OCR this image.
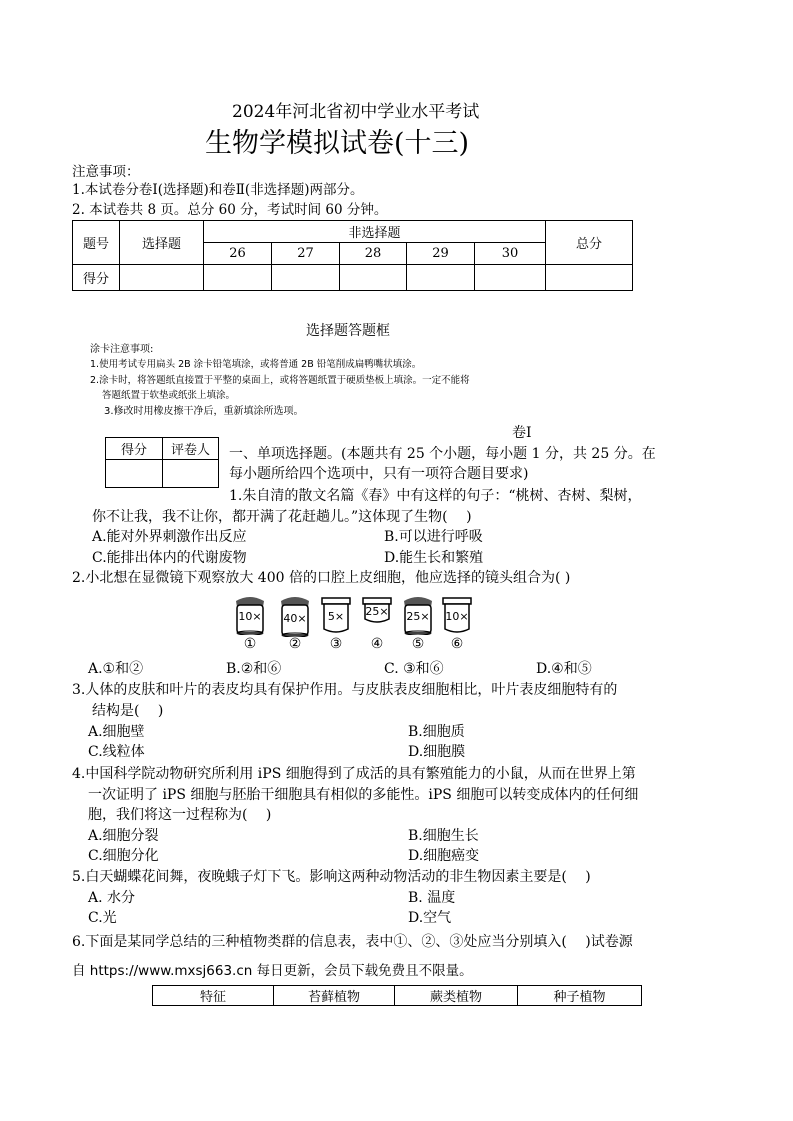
2024年河北省初中学业水平考试
生物学模拟试卷(十三)
注意事项：
1.本试卷分卷Ⅰ(选择题)和卷Ⅱ(非选择题)两部分。
2. 本试卷共 8 页。总分 60 分，考试时间 60 分钟。
题号	选择题	非选择题					总分
		26	27	28	29	30	
得分							
选择题答题框
涂卡注意事项:
1.使用考试专用扁头 2B 涂卡铅笔填涂，或将普通 2B 铅笔削成扁鸭嘴状填涂。
2.涂卡时，将答题纸直接置于平整的桌面上，或将答题纸置于硬质垫板上填涂。一定不能将
答题纸置于软垫或纸张上填涂。
3.修改时用橡皮擦干净后，重新填涂所选项。
卷Ⅰ
得分	评卷人
	一、单项选择题。(本题共有 25 个小题，每小题 1 分，共 25 分。在
每小题所给四个选项中，只有一项符合题目要求)
1.朱自清的散文名篇《春》中有这样的句子：“桃树、杏树、梨树，
你不让我，我不让你，都开满了花赶趟儿。”这体现了生物(　 )
A.能对外界刺激作出反应	B.可以进行呼吸
C.能排出体内的代谢废物	D.能生长和繁殖
2.小北想在显微镜下观察放大 400 倍的口腔上皮细胞，他应选择的镜头组合为( )
10×	40×	5×	25×	25×	10×
① ② ③ ④ ⑤ ⑥
A.①和②	B.②和⑥	C. ③和⑥	D.④和⑤
3.人体的皮肤和叶片的表皮均具有保护作用。与皮肤表皮细胞相比，叶片表皮细胞特有的
结构是(　 )
A.细胞壁	B.细胞质
C.线粒体	D.细胞膜
4.中国科学院动物研究所利用 iPS 细胞得到了成活的具有繁殖能力的小鼠，从而在世界上第
一次证明了 iPS 细胞与胚胎干细胞具有相似的多能性。iPS 细胞可以转变成体内的任何细
胞，我们将这一过程称为(　 )
A.细胞分裂	B.细胞生长
C.细胞分化	D.细胞癌变
5.白天蝴蝶花间舞，夜晚蛾子灯下飞。影响这两种动物活动的非生物因素主要是(　 )
A. 水分	B. 温度
C.光	D.空气
6.下面是某同学总结的三种植物类群的信息表，表中①、②、③处应当分别填入(　 )试卷源
自 https://www.mxsj663.cn 每日更新，会员下载免费且不限量。
特征	苔藓植物	蕨类植物	种子植物
